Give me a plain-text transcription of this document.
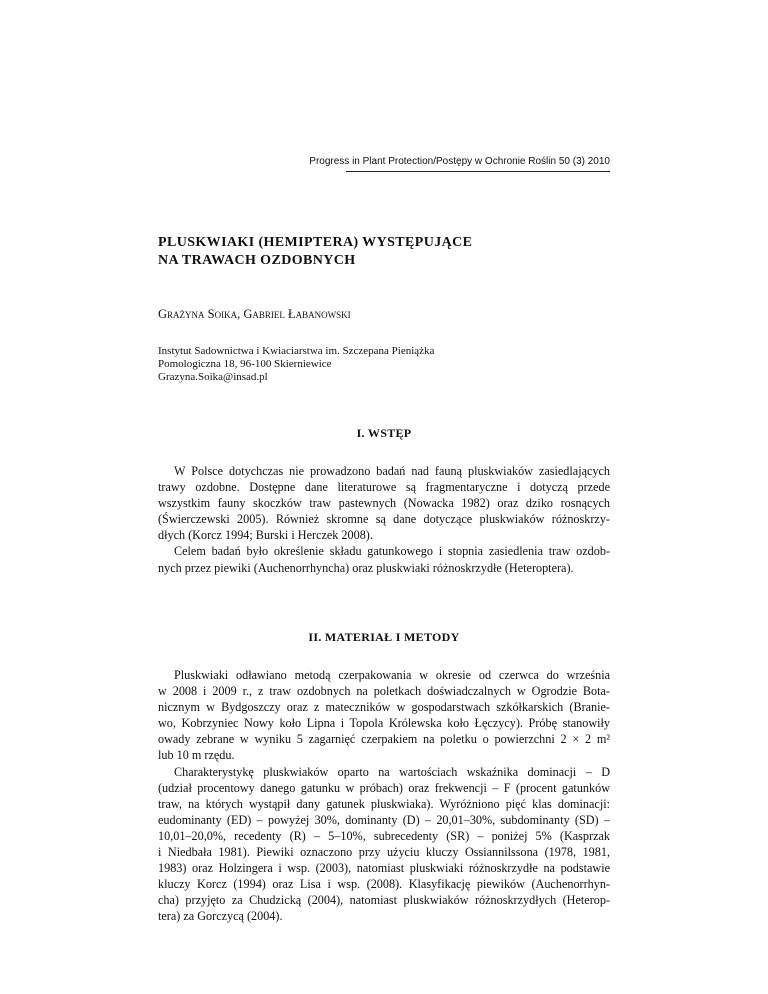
Progress in Plant Protection/Postępy w Ochronie Roślin 50 (3) 2010
PLUSKWIAKI (HEMIPTERA) WYSTĘPUJĄCE
NA TRAWACH OZDOBNYCH
Grażyna Soika, Gabriel Łabanowski
Instytut Sadownictwa i Kwiaciarstwa im. Szczepana Pieniążka
Pomologiczna 18, 96-100 Skierniewice
Grazyna.Soika@insad.pl
I. WSTĘP
W Polsce dotychczas nie prowadzono badań nad fauną pluskwiaków zasiedlających
trawy ozdobne. Dostępne dane literaturowe są fragmentaryczne i dotyczą przede
wszystkim fauny skoczków traw pastewnych (Nowacka 1982) oraz dziko rosnących
(Świerczewski 2005). Również skromne są dane dotyczące pluskwiaków różnoskrzy-
dłych (Korcz 1994; Burski i Herczek 2008).
Celem badań było określenie składu gatunkowego i stopnia zasiedlenia traw ozdob-
nych przez piewiki (Auchenorrhyncha) oraz pluskwiaki różnoskrzydłe (Heteroptera).
II. MATERIAŁ I METODY
Pluskwiaki odławiano metodą czerpakowania w okresie od czerwca do września
w 2008 i 2009 r., z traw ozdobnych na poletkach doświadczalnych w Ogrodzie Bota-
nicznym w Bydgoszczy oraz z mateczników w gospodarstwach szkółkarskich (Branie-
wo, Kobrzyniec Nowy koło Lipna i Topola Królewska koło Łęczycy). Próbę stanowiły
owady zebrane w wyniku 5 zagarnięć czerpakiem na poletku o powierzchni 2 × 2 m²
lub 10 m rzędu.
Charakterystykę pluskwiaków oparto na wartościach wskaźnika dominacji – D
(udział procentowy danego gatunku w próbach) oraz frekwencji – F (procent gatunków
traw, na których wystąpił dany gatunek pluskwiaka). Wyróżniono pięć klas dominacji:
eudominanty (ED) – powyżej 30%, dominanty (D) – 20,01–30%, subdominanty (SD) –
10,01–20,0%, recedenty (R) – 5–10%, subrecedenty (SR) – poniżej 5% (Kasprzak
i Niedbała 1981). Piewiki oznaczono przy użyciu kluczy Ossiannilssona (1978, 1981,
1983) oraz Holzingera i wsp. (2003), natomiast pluskwiaki różnoskrzydłe na podstawie
kluczy Korcz (1994) oraz Lisa i wsp. (2008). Klasyfikację piewików (Auchenorrhyn-
cha) przyjęto za Chudzicką (2004), natomiast pluskwiaków różnoskrzydłych (Heterop-
tera) za Gorczycą (2004).
